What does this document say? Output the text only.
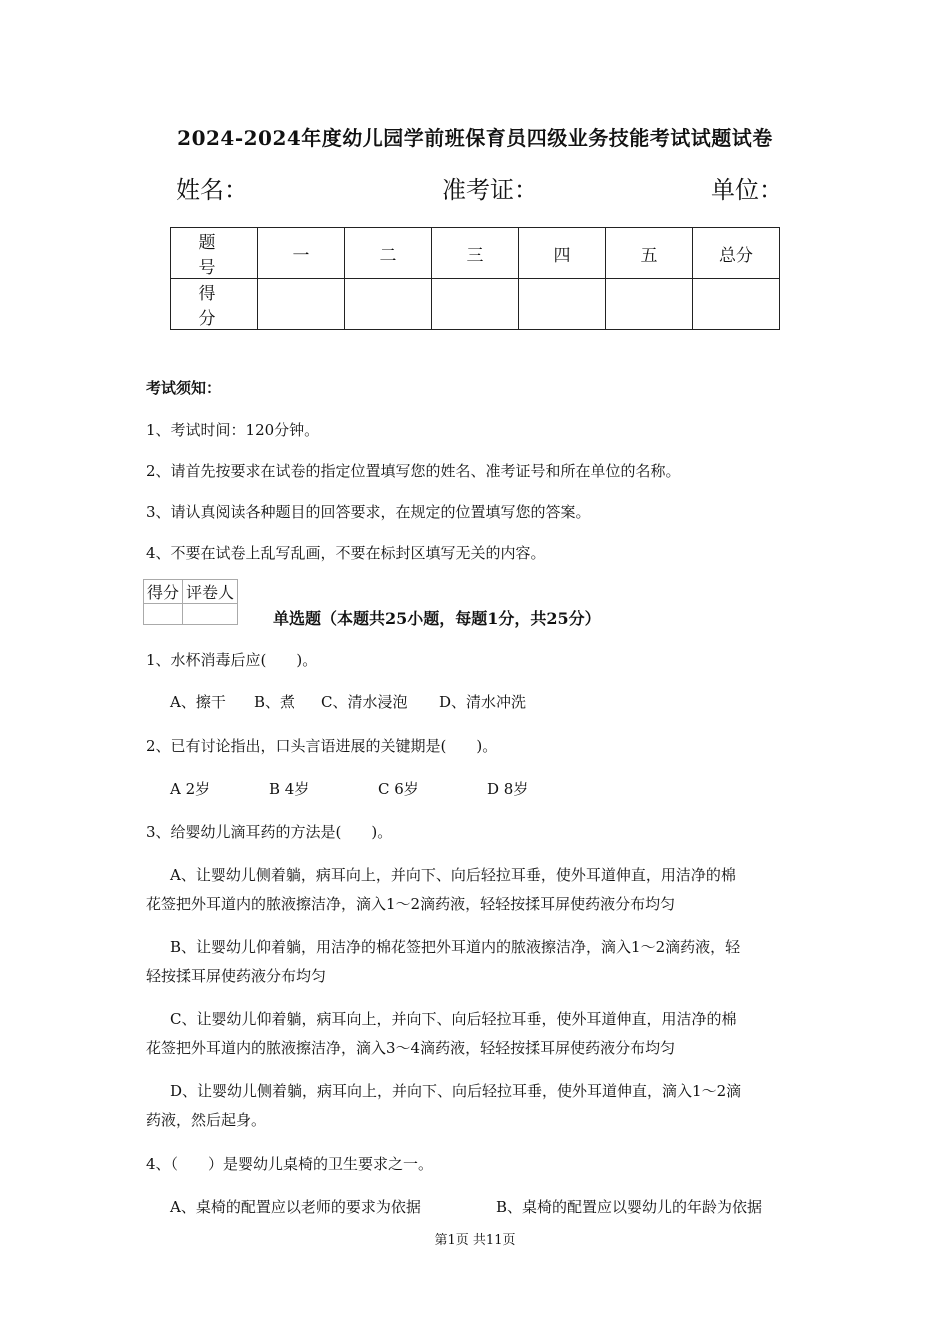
2024-2024年度幼儿园学前班保育员四级业务技能考试试题试卷
姓名：	准考证：	单位：
题　号	一	二	三	四	五	总分
得　分						
考试须知：
1、考试时间：120分钟。
2、请首先按要求在试卷的指定位置填写您的姓名、准考证号和所在单位的名称。
3、请认真阅读各种题目的回答要求，在规定的位置填写您的答案。
4、不要在试卷上乱写乱画，不要在标封区填写无关的内容。
得分	评卷人

单选题（本题共25小题，每题1分，共25分）
1、水杯消毒后应(　　)。
A、擦干 B、煮 C、清水浸泡 D、清水冲洗
2、已有讨论指出，口头言语进展的关键期是(　　)。
A 2岁	B 4岁	C 6岁	D 8岁
3、给婴幼儿滴耳药的方法是(　　)。
A、让婴幼儿侧着躺，病耳向上，并向下、向后轻拉耳垂，使外耳道伸直，用洁净的棉
花签把外耳道内的脓液擦洁净，滴入1～2滴药液，轻轻按揉耳屏使药液分布均匀
B、让婴幼儿仰着躺，用洁净的棉花签把外耳道内的脓液擦洁净，滴入1～2滴药液，轻
轻按揉耳屏使药液分布均匀
C、让婴幼儿仰着躺，病耳向上，并向下、向后轻拉耳垂，使外耳道伸直，用洁净的棉
花签把外耳道内的脓液擦洁净，滴入3～4滴药液，轻轻按揉耳屏使药液分布均匀
D、让婴幼儿侧着躺，病耳向上，并向下、向后轻拉耳垂，使外耳道伸直，滴入1～2滴
药液，然后起身。
4、（　　）是婴幼儿桌椅的卫生要求之一。
A、桌椅的配置应以老师的要求为依据	B、桌椅的配置应以婴幼儿的年龄为依据
第1页 共11页
